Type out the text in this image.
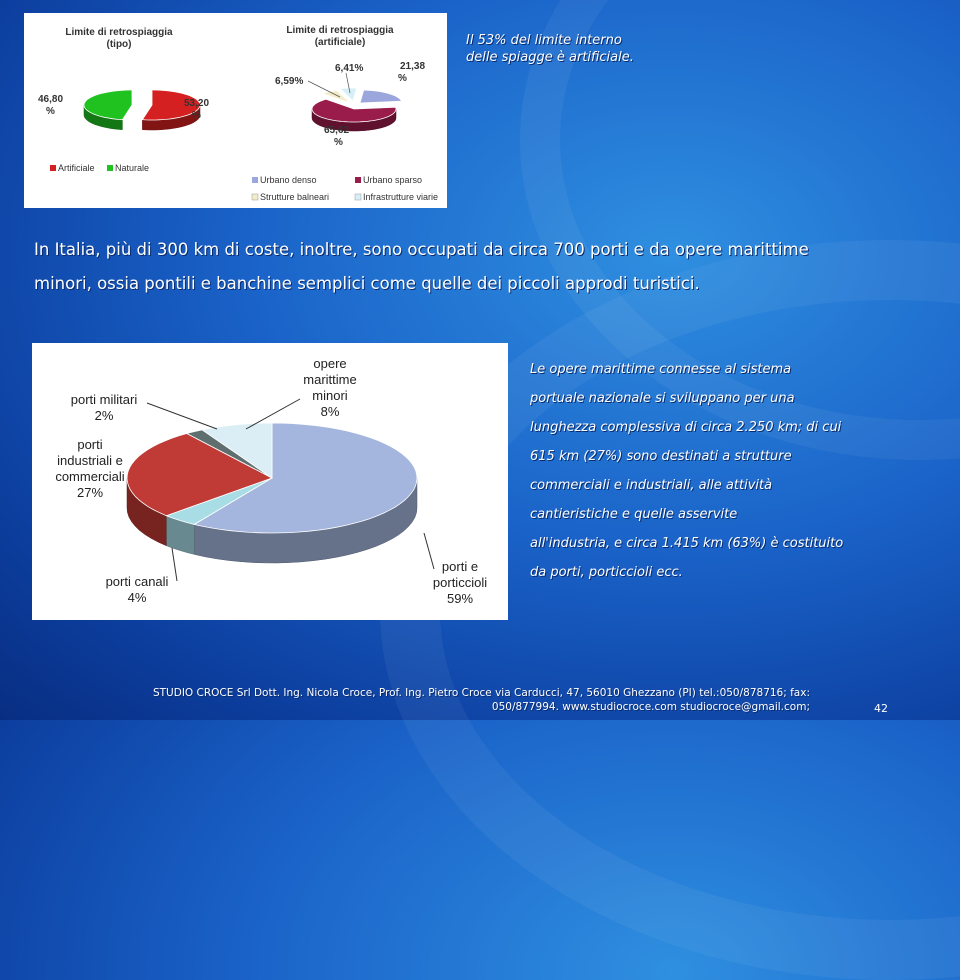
Limite di retrospiaggia
(tipo)
46,80
%
53,20
%
Artificiale Naturale
Limite di retrospiaggia
(artificiale)
21,38
%
65,62
%
6,59%
6,41%
Urbano denso	Urbano sparso
Strutture balneari	Infrastrutture viarie
Il 53% del limite interno
delle spiagge è artificiale.
In Italia, più di 300 km di coste, inoltre, sono occupati da circa 700 porti e da opere marittime
minori, ossia pontili e banchine semplici come quelle dei piccoli approdi turistici.
opere
marittime
minori
8%
porti militari
2%
porti
industriali e
commerciali
27%
porti canali
4%
porti e
porticcioli
59%
Le opere marittime connesse al sistema
portuale nazionale si sviluppano per una
lunghezza complessiva di circa 2.250 km; di cui
615 km (27%) sono destinati a strutture
commerciali e industriali, alle attività
cantieristiche e quelle asservite
all'industria, e circa 1.415 km (63%) è costituito
da porti, porticcioli ecc.
STUDIO CROCE Srl Dott. Ing. Nicola Croce, Prof. Ing. Pietro Croce via Carducci, 47, 56010 Ghezzano (PI) tel.:050/878716; fax:
050/877994. www.studiocroce.com studiocroce@gmail.com;	42
